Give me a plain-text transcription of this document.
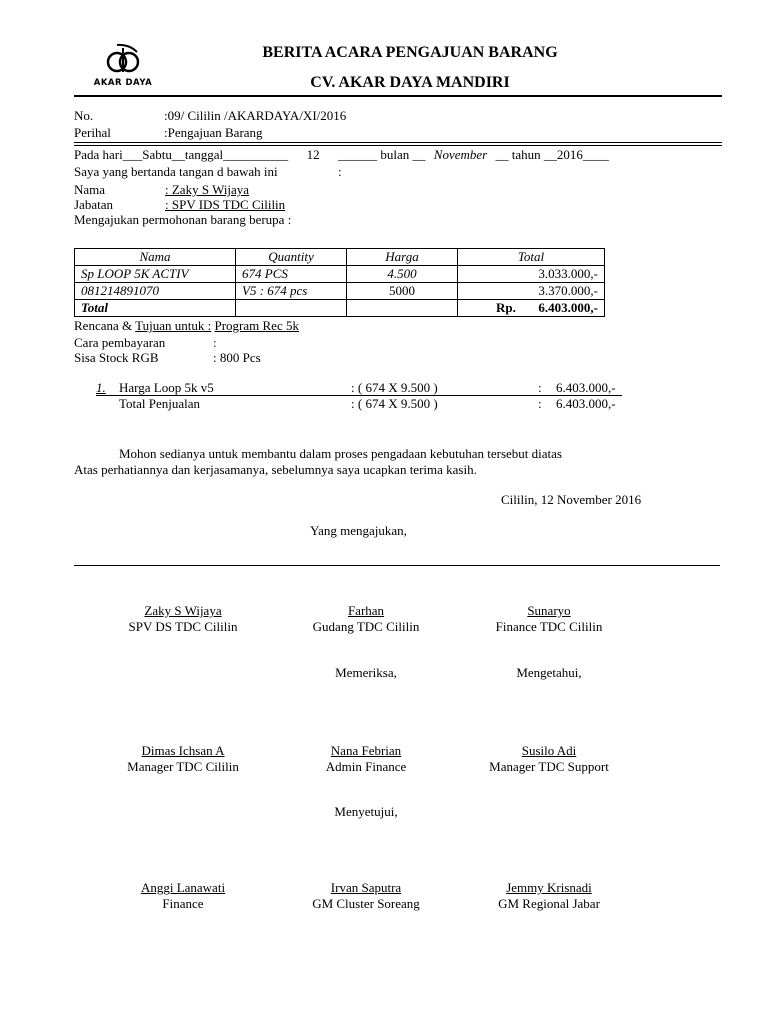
AKAR DAYA
BERITA ACARA PENGAJUAN BARANG
CV. AKAR DAYA MANDIRI
No.	:09/ Cililin /AKARDAYA/XI/2016
Perihal	:Pengajuan Barang
Pada hari___Sabtu__tanggal__________ 12 ______ bulan __ November __ tahun __2016____
Saya yang bertanda tangan d bawah ini	:
Nama	: Zaky S Wijaya
Jabatan	: SPV IDS TDC Cililin
Mengajukan permohonan barang berupa :
Nama	Quantity	Harga	Total
Sp LOOP 5K ACTIV	674 PCS	4.500	3.033.000,-
081214891070	V5 : 674 pcs	5000	3.370.000,-
Total			Rp. 6.403.000,-
Rencana & Tujuan untuk : Program Rec 5k
Cara pembayaran	:
Sisa Stock RGB	: 800 Pcs
1. Harga Loop 5k v5	: ( 674 X 9.500 )	: 6.403.000,-
Total Penjualan	: ( 674 X 9.500 )	: 6.403.000,-
Mohon sedianya untuk membantu dalam proses pengadaan kebutuhan tersebut diatas
Atas perhatiannya dan kerjasamanya, sebelumnya saya ucapkan terima kasih.
Cililin, 12 November 2016
Yang mengajukan,
Zaky S Wijaya
SPV DS TDC Cililin
Farhan
Gudang TDC Cililin
Sunaryo
Finance TDC Cililin
Memeriksa,	Mengetahui,
Dimas Ichsan A
Manager TDC Cililin
Nana Febrian
Admin Finance
Susilo Adi
Manager TDC Support
Menyetujui,
Anggi Lanawati
Finance
Irvan Saputra
GM Cluster Soreang
Jemmy Krisnadi
GM Regional Jabar
